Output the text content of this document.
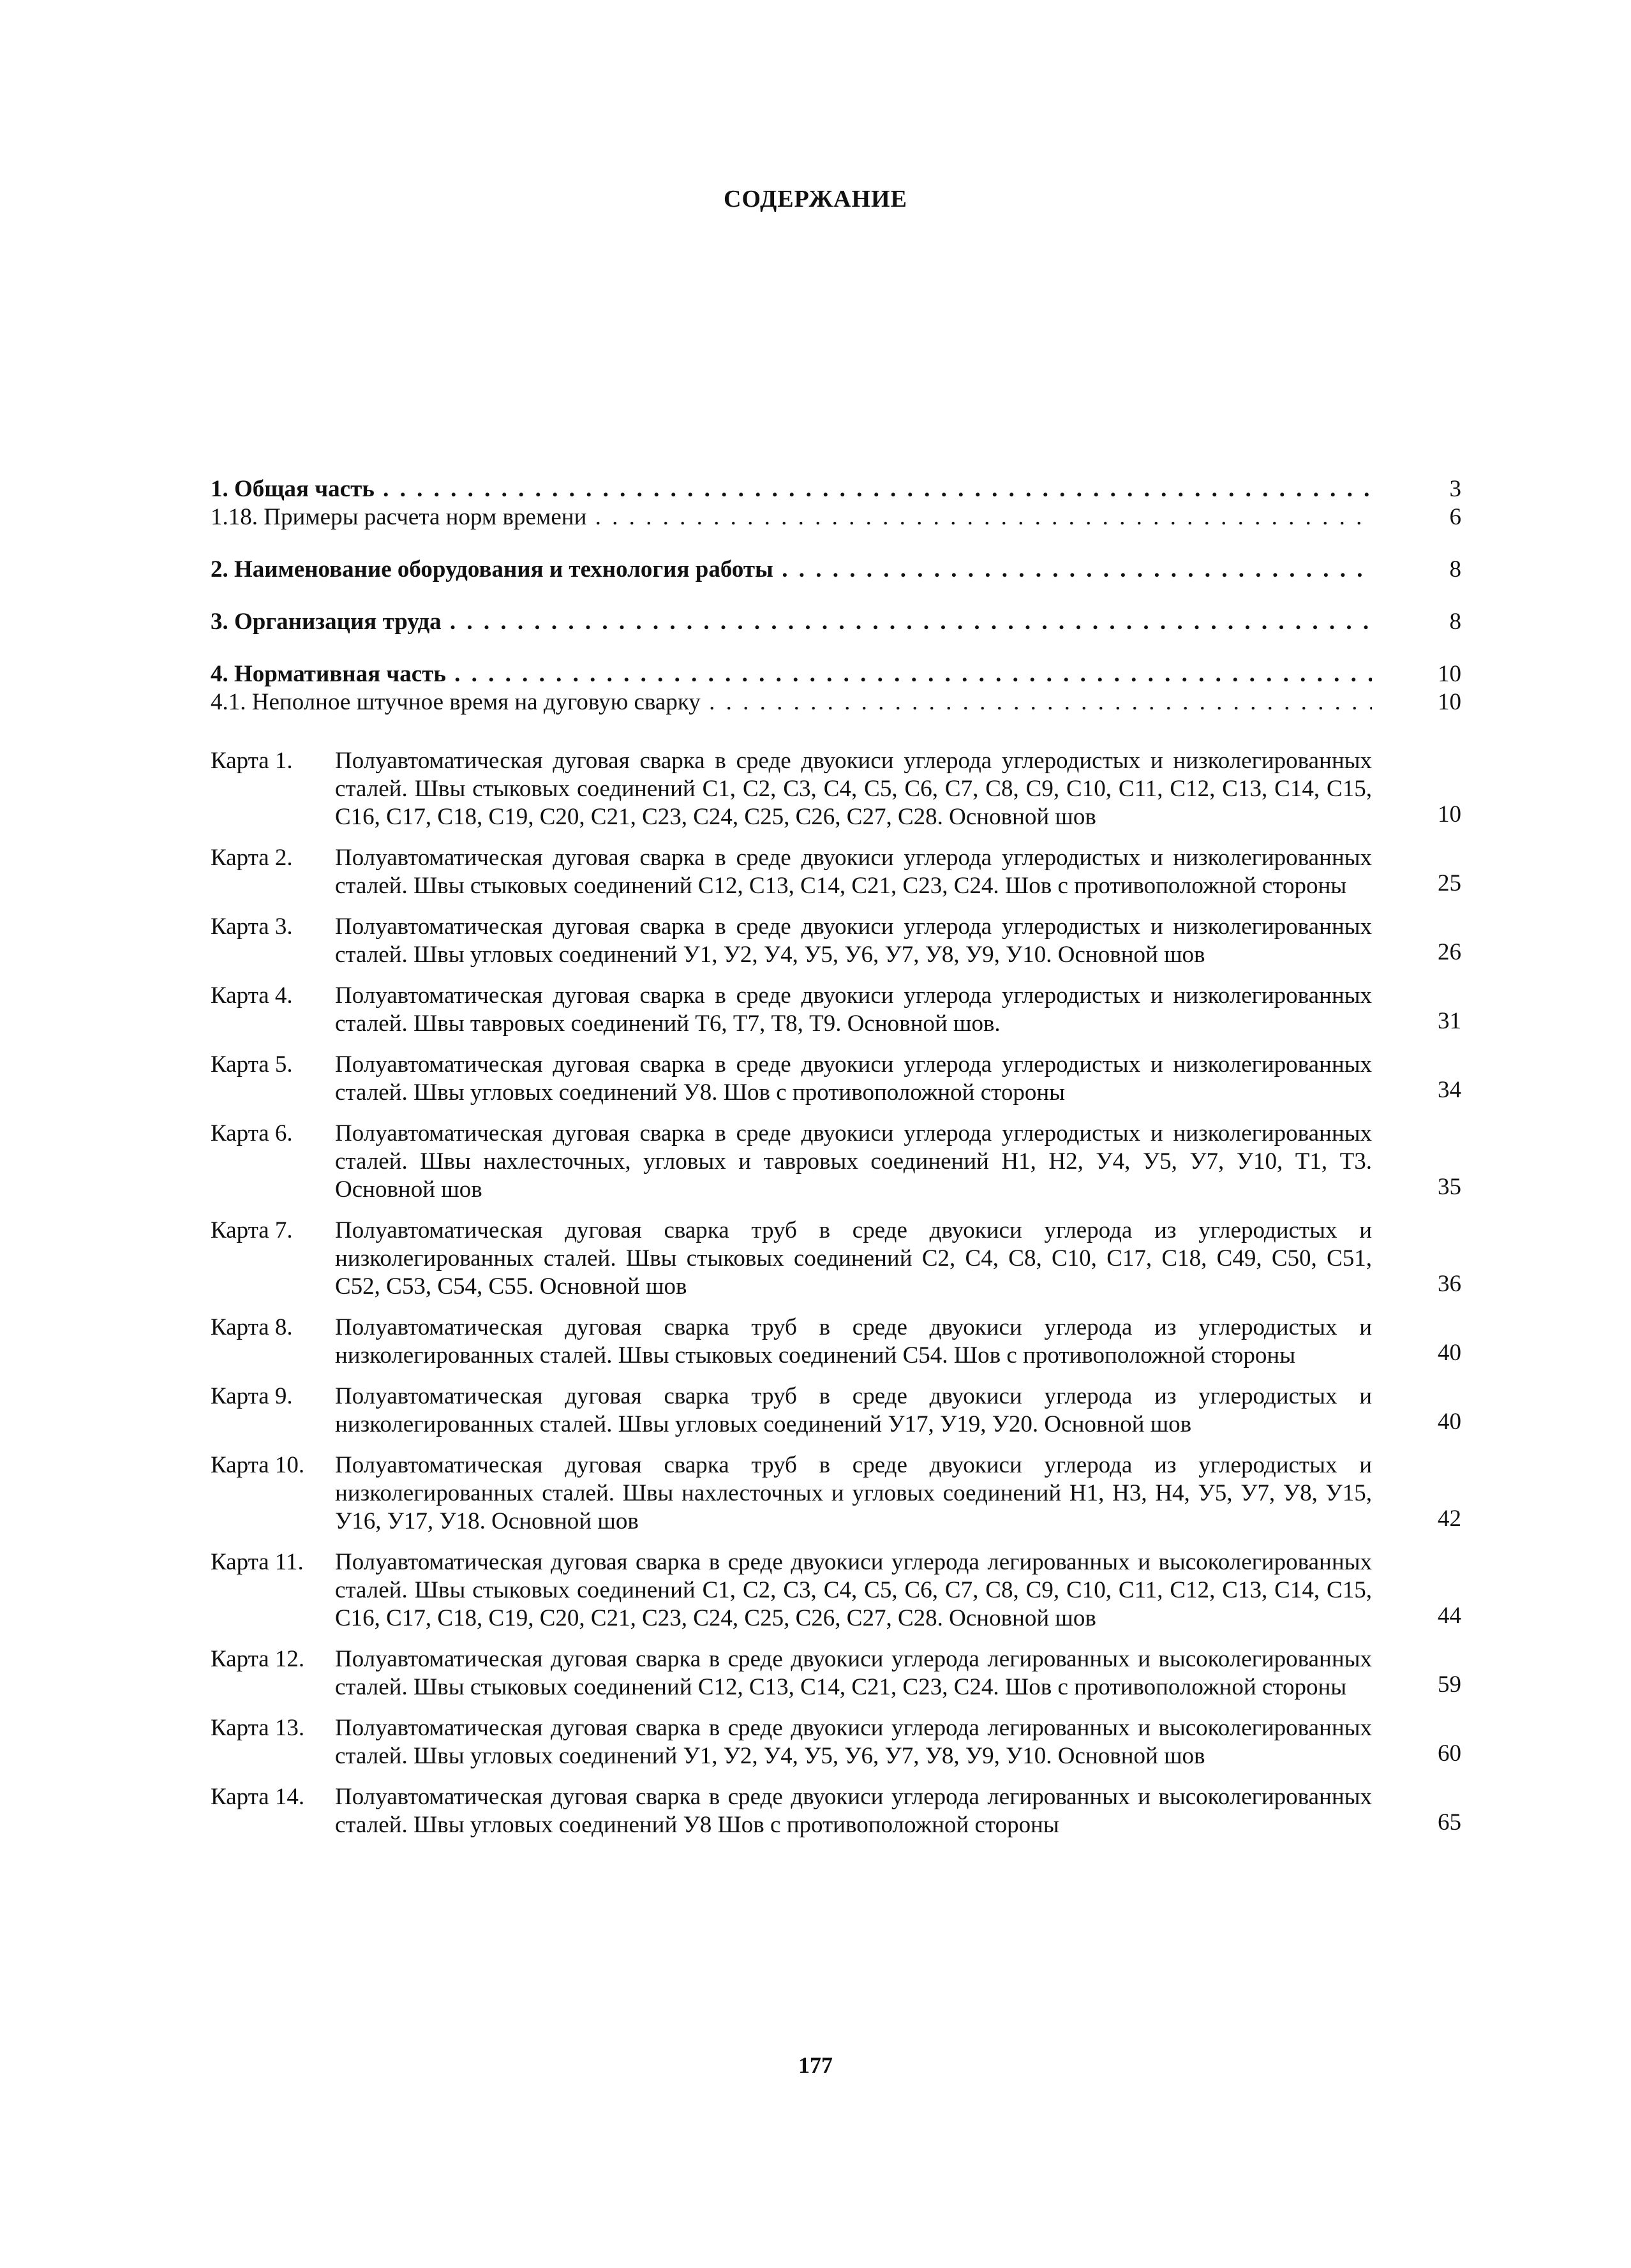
СОДЕРЖАНИЕ
1. Общая часть . . .	3
1.18. Примеры расчета норм времени . . .	6
2. Наименование оборудования и технология работы . . .	8
3. Организация труда . . .	8
4. Нормативная часть . . .	10
4.1. Неполное штучное время на дуговую сварку . . .	10
Карта 1.	Полуавтоматическая дуговая сварка в среде двуокиси углерода углеродистых и низколегированных сталей. Швы стыковых соединений С1, С2, С3, С4, С5, С6, С7, С8, С9, С10, С11, С12, С13, С14, С15, С16, С17, С18, С19, С20, С21, С23, С24, С25, С26, С27, С28. Основной шов	10
Карта 2.	Полуавтоматическая дуговая сварка в среде двуокиси углерода углеродистых и низколегированных сталей. Швы стыковых соединений С12, С13, С14, С21, С23, С24. Шов с противоположной стороны	25
Карта 3.	Полуавтоматическая дуговая сварка в среде двуокиси углерода углеродистых и низколегированных сталей. Швы угловых соединений У1, У2, У4, У5, У6, У7, У8, У9, У10. Основной шов	26
Карта 4.	Полуавтоматическая дуговая сварка в среде двуокиси углерода углеродистых и низколегированных сталей. Швы тавровых соединений Т6, Т7, Т8, Т9. Основной шов.	31
Карта 5.	Полуавтоматическая дуговая сварка в среде двуокиси углерода углеродистых и низколегированных сталей. Швы угловых соединений У8. Шов с противоположной стороны	34
Карта 6.	Полуавтоматическая дуговая сварка в среде двуокиси углерода углеродистых и низколегированных сталей. Швы нахлесточных, угловых и тавровых соединений Н1, Н2, У4, У5, У7, У10, Т1, Т3. Основной шов	35
Карта 7.	Полуавтоматическая дуговая сварка труб в среде двуокиси углерода из углеродистых и низколегированных сталей. Швы стыковых соединений С2, С4, С8, С10, С17, С18, С49, С50, С51, С52, С53, С54, С55. Основной шов	36
Карта 8.	Полуавтоматическая дуговая сварка труб в среде двуокиси углерода из углеродистых и низколегированных сталей. Швы стыковых соединений С54. Шов с противоположной стороны	40
Карта 9.	Полуавтоматическая дуговая сварка труб в среде двуокиси углерода из углеродистых и низколегированных сталей. Швы угловых соединений У17, У19, У20. Основной шов	40
Карта 10.	Полуавтоматическая дуговая сварка труб в среде двуокиси углерода из углеродистых и низколегированных сталей. Швы нахлесточных и угловых соединений Н1, Н3, Н4, У5, У7, У8, У15, У16, У17, У18. Основной шов	42
Карта 11.	Полуавтоматическая дуговая сварка в среде двуокиси углерода легированных и высоколегированных сталей. Швы стыковых соединений С1, С2, С3, С4, С5, С6, С7, С8, С9, С10, С11, С12, С13, С14, С15, С16, С17, С18, С19, С20, С21, С23, С24, С25, С26, С27, С28. Основной шов	44
Карта 12.	Полуавтоматическая дуговая сварка в среде двуокиси углерода легированных и высоколегированных сталей. Швы стыковых соединений С12, С13, С14, С21, С23, С24. Шов с противоположной стороны	59
Карта 13.	Полуавтоматическая дуговая сварка в среде двуокиси углерода легированных и высоколегированных сталей. Швы угловых соединений У1, У2, У4, У5, У6, У7, У8, У9, У10. Основной шов	60
Карта 14.	Полуавтоматическая дуговая сварка в среде двуокиси углерода легированных и высоколегированных сталей. Швы угловых соединений У8 Шов с противоположной стороны	65
177
